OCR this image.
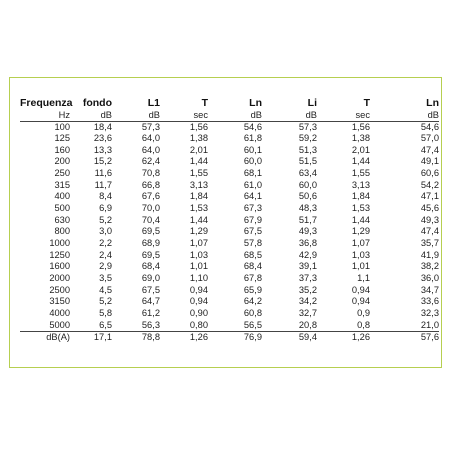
Frequenza	fondo	L1	T	Ln	Li	T	Ln
Hz	dB	dB	sec	dB	dB	sec	dB
100	18,4	57,3	1,56	54,6	57,3	1,56	54,6
125	23,6	64,0	1,38	61,8	59,2	1,38	57,0
160	13,3	64,0	2,01	60,1	51,3	2,01	47,4
200	15,2	62,4	1,44	60,0	51,5	1,44	49,1
250	11,6	70,8	1,55	68,1	63,4	1,55	60,6
315	11,7	66,8	3,13	61,0	60,0	3,13	54,2
400	8,4	67,6	1,84	64,1	50,6	1,84	47,1
500	6,9	70,0	1,53	67,3	48,3	1,53	45,6
630	5,2	70,4	1,44	67,9	51,7	1,44	49,3
800	3,0	69,5	1,29	67,5	49,3	1,29	47,4
1000	2,2	68,9	1,07	57,8	36,8	1,07	35,7
1250	2,4	69,5	1,03	68,5	42,9	1,03	41,9
1600	2,9	68,4	1,01	68,4	39,1	1,01	38,2
2000	3,5	69,0	1,10	67,8	37,3	1,1	36,0
2500	4,5	67,5	0,94	65,9	35,2	0,94	34,7
3150	5,2	64,7	0,94	64,2	34,2	0,94	33,6
4000	5,8	61,2	0,90	60,8	32,7	0,9	32,3
5000	6,5	56,3	0,80	56,5	20,8	0,8	21,0
dB(A)	17,1	78,8	1,26	76,9	59,4	1,26	57,6
